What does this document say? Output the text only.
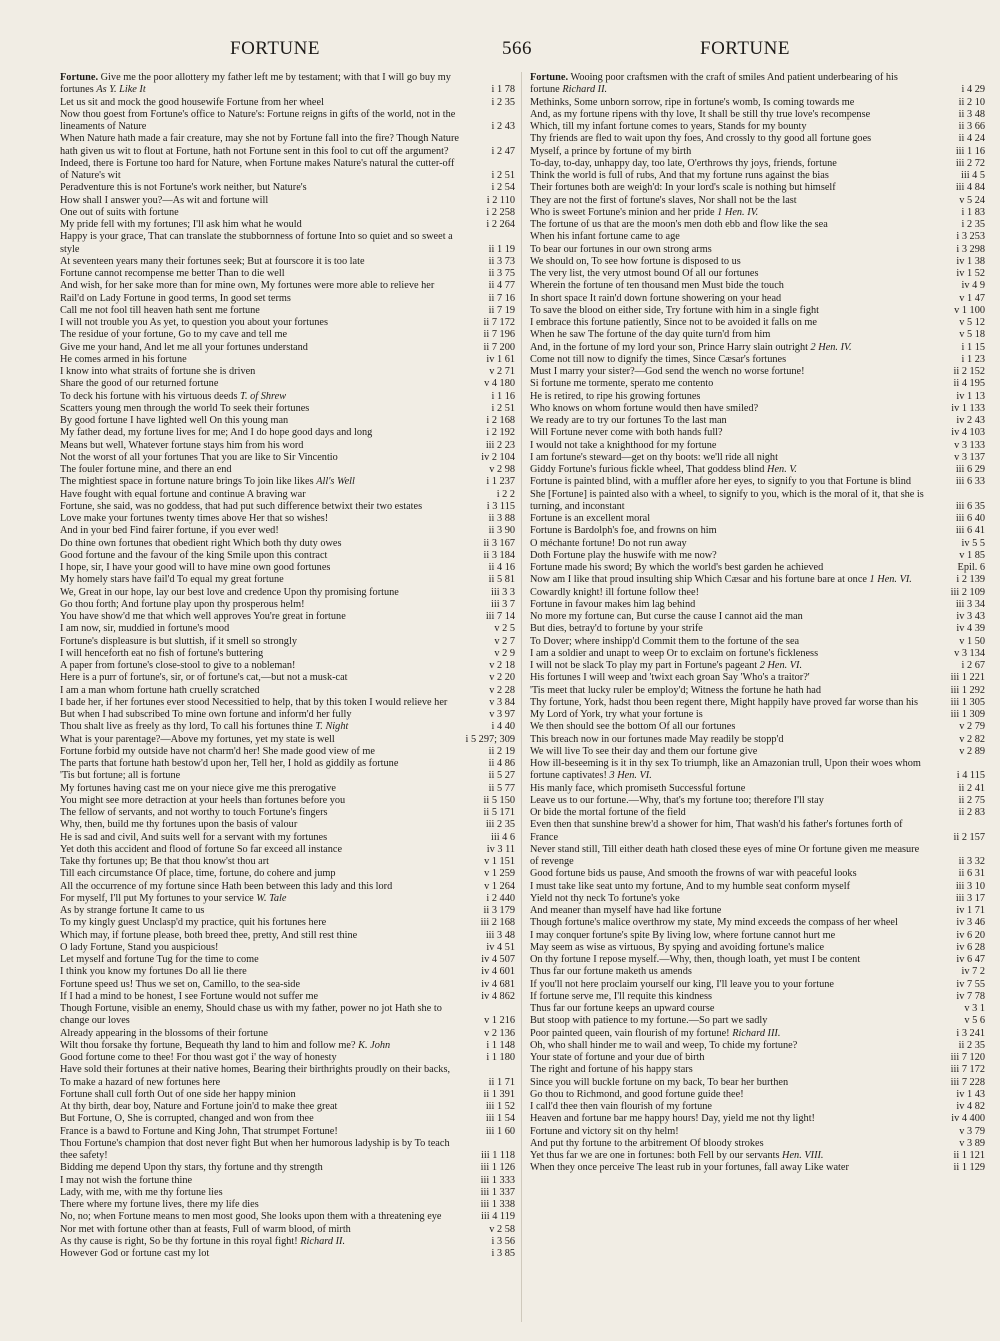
FORTUNE	566	FORTUNE
Fortune. Give me the poor allottery my father left me by testament; with that I will go buy my fortunes As Y. Like It	i 1 78
Let us sit and mock the good housewife Fortune from her wheel	i 2 35
Now thou goest from Fortune's office to Nature's: Fortune reigns in gifts of the world, not in the lineaments of Nature	i 2 43
When Nature hath made a fair creature, may she not by Fortune fall into the fire? Though Nature hath given us wit to flout at Fortune, hath not Fortune sent in this fool to cut off the argument?	i 2 47
Indeed, there is Fortune too hard for Nature, when Fortune makes Nature's natural the cutter-off of Nature's wit	i 2 51
Peradventure this is not Fortune's work neither, but Nature's	i 2 54
How shall I answer you?—As wit and fortune will	i 2 110
One out of suits with fortune	i 2 258
My pride fell with my fortunes; I'll ask him what he would	i 2 264
Happy is your grace, That can translate the stubbornness of fortune Into so quiet and so sweet a style	ii 1 19
At seventeen years many their fortunes seek; But at fourscore it is too late	ii 3 73
Fortune cannot recompense me better Than to die well	ii 3 75
And wish, for her sake more than for mine own, My fortunes were more able to relieve her	ii 4 77
Rail'd on Lady Fortune in good terms, In good set terms	ii 7 16
Call me not fool till heaven hath sent me fortune	ii 7 19
I will not trouble you As yet, to question you about your fortunes	ii 7 172
The residue of your fortune, Go to my cave and tell me	ii 7 196
Give me your hand, And let me all your fortunes understand	ii 7 200
He comes armed in his fortune	iv 1 61
I know into what straits of fortune she is driven	v 2 71
Share the good of our returned fortune	v 4 180
To deck his fortune with his virtuous deeds T. of Shrew	i 1 16
Scatters young men through the world To seek their fortunes	i 2 51
By good fortune I have lighted well On this young man	i 2 168
My father dead, my fortune lives for me; And I do hope good days and long	i 2 192
Means but well, Whatever fortune stays him from his word	iii 2 23
Not the worst of all your fortunes That you are like to Sir Vincentio	iv 2 104
The fouler fortune mine, and there an end	v 2 98
The mightiest space in fortune nature brings To join like likes All's Well	i 1 237
Have fought with equal fortune and continue A braving war	i 2 2
Fortune, she said, was no goddess, that had put such difference betwixt their two estates	i 3 115
Love make your fortunes twenty times above Her that so wishes!	ii 3 88
And in your bed Find fairer fortune, if you ever wed!	ii 3 90
Do thine own fortunes that obedient right Which both thy duty owes	ii 3 167
Good fortune and the favour of the king Smile upon this contract	ii 3 184
I hope, sir, I have your good will to have mine own good fortunes	ii 4 16
My homely stars have fail'd To equal my great fortune	ii 5 81
We, Great in our hope, lay our best love and credence Upon thy promising fortune	iii 3 3
Go thou forth; And fortune play upon thy prosperous helm!	iii 3 7
You have show'd me that which well approves You're great in fortune	iii 7 14
I am now, sir, muddied in fortune's mood	v 2 5
Fortune's displeasure is but sluttish, if it smell so strongly	v 2 7
I will henceforth eat no fish of fortune's buttering	v 2 9
A paper from fortune's close-stool to give to a nobleman!	v 2 18
Here is a purr of fortune's, sir, or of fortune's cat,—but not a musk-cat	v 2 20
I am a man whom fortune hath cruelly scratched	v 2 28
I bade her, if her fortunes ever stood Necessitied to help, that by this token I would relieve her	v 3 84
But when I had subscribed To mine own fortune and inform'd her fully	v 3 97
Thou shalt live as freely as thy lord, To call his fortunes thine T. Night	i 4 40
What is your parentage?—Above my fortunes, yet my state is well	i 5 297; 309
Fortune forbid my outside have not charm'd her! She made good view of me	ii 2 19
The parts that fortune hath bestow'd upon her, Tell her, I hold as giddily as fortune	ii 4 86
'Tis but fortune; all is fortune	ii 5 27
My fortunes having cast me on your niece give me this prerogative	ii 5 77
You might see more detraction at your heels than fortunes before you	ii 5 150
The fellow of servants, and not worthy to touch Fortune's fingers	ii 5 171
Why, then, build me thy fortunes upon the basis of valour	iii 2 35
He is sad and civil, And suits well for a servant with my fortunes	iii 4 6
Yet doth this accident and flood of fortune So far exceed all instance	iv 3 11
Take thy fortunes up; Be that thou know'st thou art	v 1 151
Till each circumstance Of place, time, fortune, do cohere and jump	v 1 259
All the occurrence of my fortune since Hath been between this lady and this lord	v 1 264
For myself, I'll put My fortunes to your service W. Tale	i 2 440
As by strange fortune It came to us	ii 3 179
To my kingly guest Unclasp'd my practice, quit his fortunes here	iii 2 168
Which may, if fortune please, both breed thee, pretty, And still rest thine	iii 3 48
O lady Fortune, Stand you auspicious!	iv 4 51
Let myself and fortune Tug for the time to come	iv 4 507
I think you know my fortunes Do all lie there	iv 4 601
Fortune speed us! Thus we set on, Camillo, to the sea-side	iv 4 681
If I had a mind to be honest, I see Fortune would not suffer me	iv 4 862
Though Fortune, visible an enemy, Should chase us with my father, power no jot Hath she to change our loves	v 1 216
Already appearing in the blossoms of their fortune	v 2 136
Wilt thou forsake thy fortune, Bequeath thy land to him and follow me? K. John	i 1 148
Good fortune come to thee! For thou wast got i' the way of honesty	i 1 180
Have sold their fortunes at their native homes, Bearing their birthrights proudly on their backs, To make a hazard of new fortunes here	ii 1 71
Fortune shall cull forth Out of one side her happy minion	ii 1 391
At thy birth, dear boy, Nature and Fortune join'd to make thee great	iii 1 52
But Fortune, O, She is corrupted, changed and won from thee	iii 1 54
France is a bawd to Fortune and King John, That strumpet Fortune!	iii 1 60
Thou Fortune's champion that dost never fight But when her humorous ladyship is by To teach thee safety!	iii 1 118
Bidding me depend Upon thy stars, thy fortune and thy strength	iii 1 126
I may not wish the fortune thine	iii 1 333
Lady, with me, with me thy fortune lies	iii 1 337
There where my fortune lives, there my life dies	iii 1 338
No, no; when Fortune means to men most good, She looks upon them with a threatening eye	iii 4 119
Nor met with fortune other than at feasts, Full of warm blood, of mirth	v 2 58
As thy cause is right, So be thy fortune in this royal fight! Richard II.	i 3 56
However God or fortune cast my lot	i 3 85
Fortune. Wooing poor craftsmen with the craft of smiles And patient underbearing of his fortune Richard II.	i 4 29
Methinks, Some unborn sorrow, ripe in fortune's womb, Is coming towards me	ii 2 10
And, as my fortune ripens with thy love, It shall be still thy true love's recompense	ii 3 48
Which, till my infant fortune comes to years, Stands for my bounty	ii 3 66
Thy friends are fled to wait upon thy foes, And crossly to thy good all fortune goes	ii 4 24
Myself, a prince by fortune of my birth	iii 1 16
To-day, to-day, unhappy day, too late, O'erthrows thy joys, friends, fortune	iii 2 72
Think the world is full of rubs, And that my fortune runs against the bias	iii 4 5
Their fortunes both are weigh'd: In your lord's scale is nothing but himself	iii 4 84
They are not the first of fortune's slaves, Nor shall not be the last	v 5 24
Who is sweet Fortune's minion and her pride 1 Hen. IV.	i 1 83
The fortune of us that are the moon's men doth ebb and flow like the sea	i 2 35
When his infant fortune came to age	i 3 253
To bear our fortunes in our own strong arms	i 3 298
We should on, To see how fortune is disposed to us	iv 1 38
The very list, the very utmost bound Of all our fortunes	iv 1 52
Wherein the fortune of ten thousand men Must bide the touch	iv 4 9
In short space It rain'd down fortune showering on your head	v 1 47
To save the blood on either side, Try fortune with him in a single fight	v 1 100
I embrace this fortune patiently, Since not to be avoided it falls on me	v 5 12
When he saw The fortune of the day quite turn'd from him	v 5 18
And, in the fortune of my lord your son, Prince Harry slain outright 2 Hen. IV.	i 1 15
Come not till now to dignify the times, Since Cæsar's fortunes	i 1 23
Must I marry your sister?—God send the wench no worse fortune!	ii 2 152
Si fortune me tormente, sperato me contento	ii 4 195
He is retired, to ripe his growing fortunes	iv 1 13
Who knows on whom fortune would then have smiled?	iv 1 133
We ready are to try our fortunes To the last man	iv 2 43
Will Fortune never come with both hands full?	iv 4 103
I would not take a knighthood for my fortune	v 3 133
I am fortune's steward—get on thy boots: we'll ride all night	v 3 137
Giddy Fortune's furious fickle wheel, That goddess blind Hen. V.	iii 6 29
Fortune is painted blind, with a muffler afore her eyes, to signify to you that Fortune is blind	iii 6 33
She [Fortune] is painted also with a wheel, to signify to you, which is the moral of it, that she is turning, and inconstant	iii 6 35
Fortune is an excellent moral	iii 6 40
Fortune is Bardolph's foe, and frowns on him	iii 6 41
O méchante fortune! Do not run away	iv 5 5
Doth Fortune play the huswife with me now?	v 1 85
Fortune made his sword; By which the world's best garden he achieved	Epil. 6
Now am I like that proud insulting ship Which Cæsar and his fortune bare at once 1 Hen. VI.	i 2 139
Cowardly knight! ill fortune follow thee!	iii 2 109
Fortune in favour makes him lag behind	iii 3 34
No more my fortune can, But curse the cause I cannot aid the man	iv 3 43
But dies, betray'd to fortune by your strife	iv 4 39
To Dover; where inshipp'd Commit them to the fortune of the sea	v 1 50
I am a soldier and unapt to weep Or to exclaim on fortune's fickleness	v 3 134
I will not be slack To play my part in Fortune's pageant 2 Hen. VI.	i 2 67
His fortunes I will weep and 'twixt each groan Say 'Who's a traitor?'	iii 1 221
'Tis meet that lucky ruler be employ'd; Witness the fortune he hath had	iii 1 292
Thy fortune, York, hadst thou been regent there, Might happily have proved far worse than his	iii 1 305
My Lord of York, try what your fortune is	iii 1 309
We then should see the bottom Of all our fortunes	v 2 79
This breach now in our fortunes made May readily be stopp'd	v 2 82
We will live To see their day and them our fortune give	v 2 89
How ill-beseeming is it in thy sex To triumph, like an Amazonian trull, Upon their woes whom fortune captivates! 3 Hen. VI.	i 4 115
His manly face, which promiseth Successful fortune	ii 2 41
Leave us to our fortune.—Why, that's my fortune too; therefore I'll stay	ii 2 75
Or bide the mortal fortune of the field	ii 2 83
Even then that sunshine brew'd a shower for him, That wash'd his father's fortunes forth of France	ii 2 157
Never stand still, Till either death hath closed these eyes of mine Or fortune given me measure of revenge	ii 3 32
Good fortune bids us pause, And smooth the frowns of war with peaceful looks	ii 6 31
I must take like seat unto my fortune, And to my humble seat conform myself	iii 3 10
Yield not thy neck To fortune's yoke	iii 3 17
And meaner than myself have had like fortune	iv 1 71
Though fortune's malice overthrow my state, My mind exceeds the compass of her wheel	iv 3 46
I may conquer fortune's spite By living low, where fortune cannot hurt me	iv 6 20
May seem as wise as virtuous, By spying and avoiding fortune's malice	iv 6 28
On thy fortune I repose myself.—Why, then, though loath, yet must I be content	iv 6 47
Thus far our fortune maketh us amends	iv 7 2
If you'll not here proclaim yourself our king, I'll leave you to your fortune	iv 7 55
If fortune serve me, I'll requite this kindness	iv 7 78
Thus far our fortune keeps an upward course	v 3 1
But stoop with patience to my fortune.—So part we sadly	v 5 6
Poor painted queen, vain flourish of my fortune! Richard III.	i 3 241
Oh, who shall hinder me to wail and weep, To chide my fortune?	ii 2 35
Your state of fortune and your due of birth	iii 7 120
The right and fortune of his happy stars	iii 7 172
Since you will buckle fortune on my back, To bear her burthen	iii 7 228
Go thou to Richmond, and good fortune guide thee!	iv 1 43
I call'd thee then vain flourish of my fortune	iv 4 82
Heaven and fortune bar me happy hours! Day, yield me not thy light!	iv 4 400
Fortune and victory sit on thy helm!	v 3 79
And put thy fortune to the arbitrement Of bloody strokes	v 3 89
Yet thus far we are one in fortunes: both Fell by our servants Hen. VIII.	ii 1 121
When they once perceive The least rub in your fortunes, fall away Like water	ii 1 129
